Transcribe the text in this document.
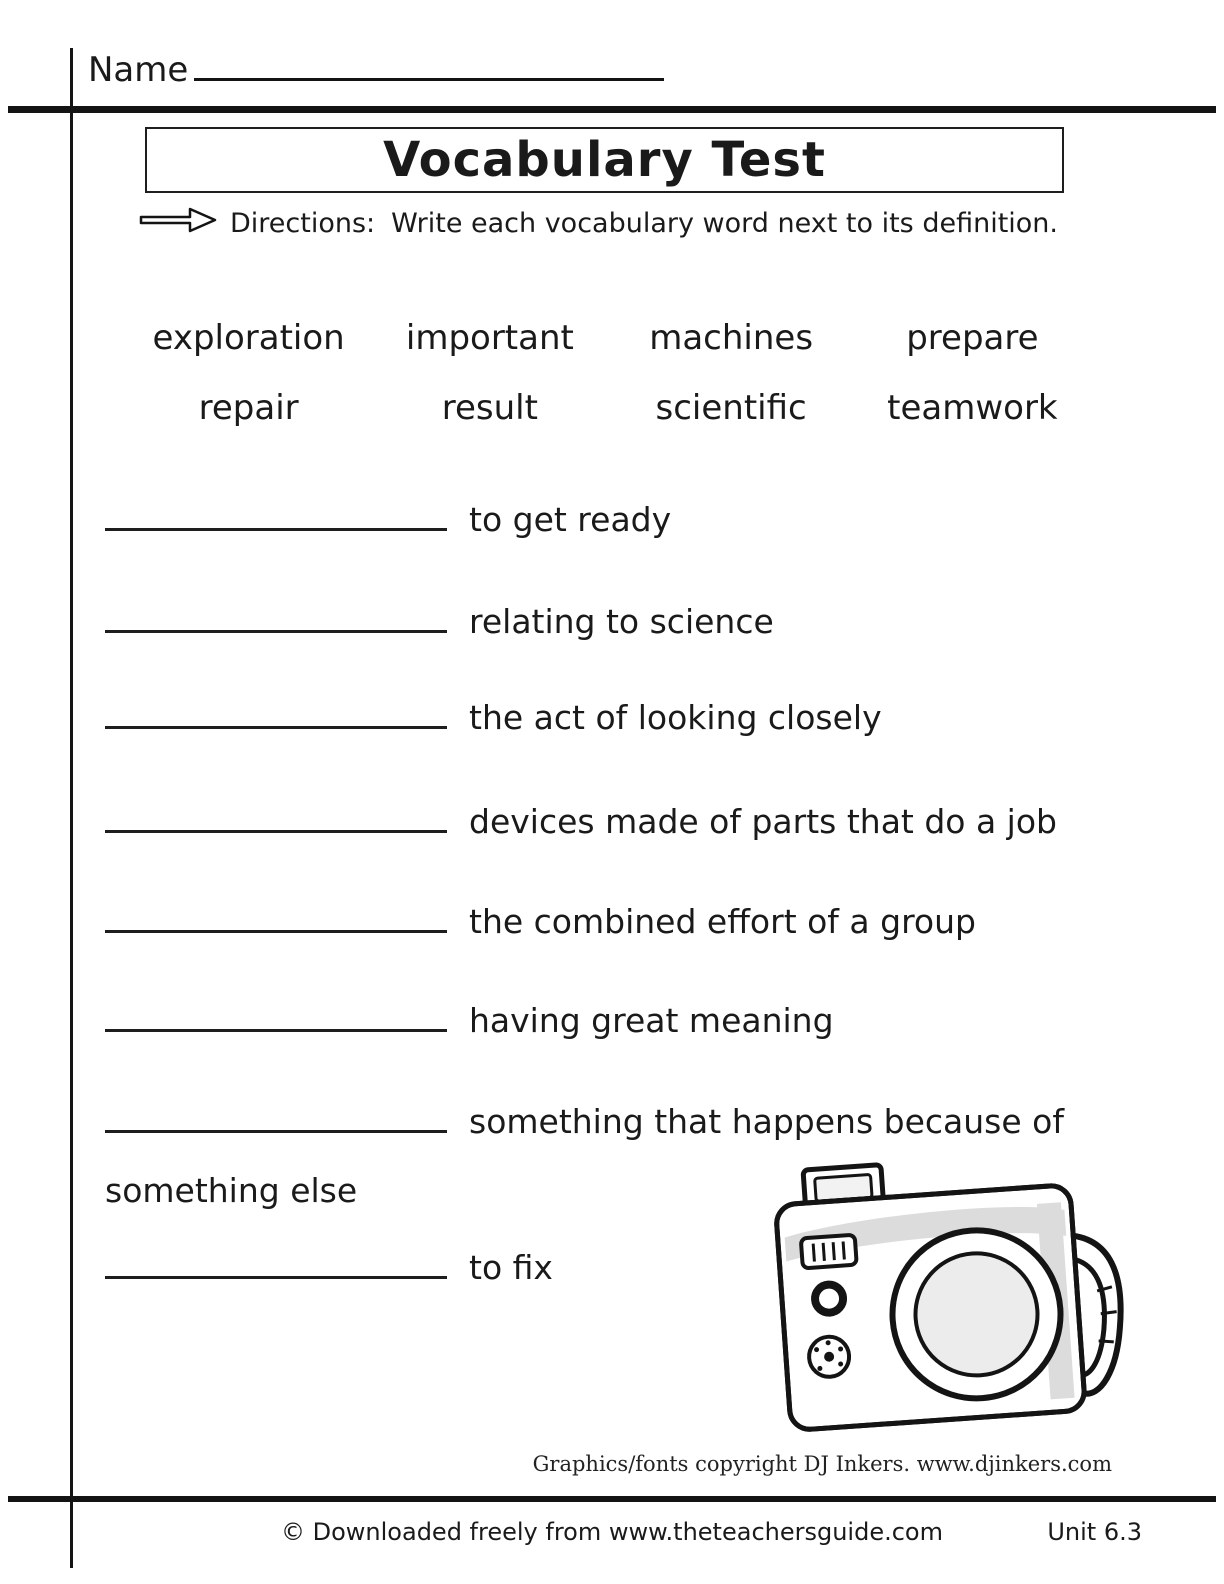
Name
Vocabulary Test
Directions: Write each vocabulary word next to its definition.
exploration	important	machines	prepare
repair	result	scientific	teamwork
to get ready
relating to science
the act of looking closely
devices made of parts that do a job
the combined effort of a group
having great meaning
something that happens because of
something else
to fix
Graphics/fonts copyright DJ Inkers. www.djinkers.com
© Downloaded freely from www.theteachersguide.com	Unit 6.3
